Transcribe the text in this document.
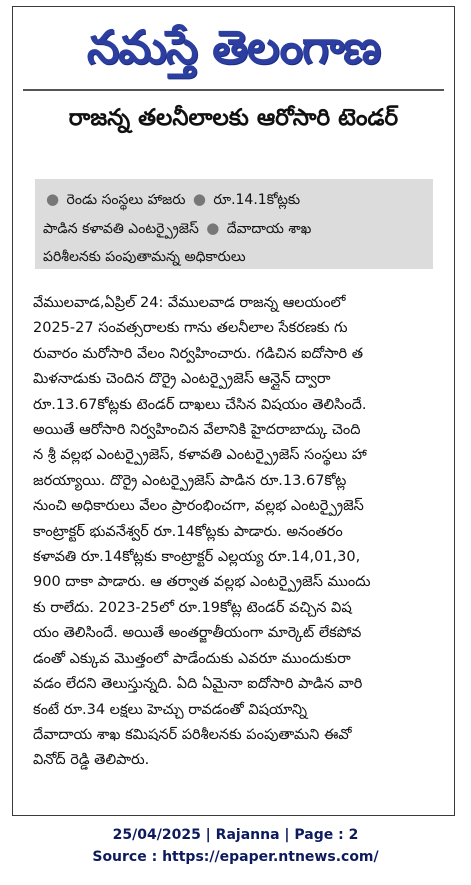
నమస్తే తెలంగాణ
రాజన్న తలనీలాలకు ఆరోసారి టెండర్
● రెండు సంస్థలు హాజరు ● రూ.14.1కోట్లకు
పాడిన కళావతి ఎంటర్ప్రైజెస్ ● దేవాదాయ శాఖ
పరిశీలనకు పంపుతామన్న అధికారులు
వేములవాడ,ఏప్రిల్ 24: వేములవాడ రాజన్న ఆలయంలో
2025-27 సంవత్సరాలకు గాను తలనీలాల సేకరణకు గు
రువారం మరోసారి వేలం నిర్వహించారు. గడిచిన ఐదోసారి త
మిళనాడుకు చెందిన దొర్రై ఎంటర్ప్రైజెస్ ఆన్లైన్ ద్వారా
రూ.13.67కోట్లకు టెండర్ దాఖలు చేసిన విషయం తెలిసిందే.
అయితే ఆరోసారి నిర్వహించిన వేలానికి హైదరాబాద్కు చెంది
న శ్రీ వల్లభ ఎంటర్ప్రైజెస్, కళావతి ఎంటర్ప్రైజెస్ సంస్థలు హా
జరయ్యాయి. దొర్రై ఎంటర్ప్రైజెస్ పాడిన రూ.13.67కోట్ల
నుంచి అధికారులు వేలం ప్రారంభించగా, వల్లభ ఎంటర్ప్రైజెస్
కాంట్రాక్టర్ భువనేశ్వర్ రూ.14కోట్లకు పాడారు. అనంతరం
కళావతి రూ.14కోట్లకు కాంట్రాక్టర్ ఎల్లయ్య రూ.14,01,30,
900 దాకా పాడారు. ఆ తర్వాత వల్లభ ఎంటర్ప్రైజెస్ ముందు
కు రాలేదు. 2023-25లో రూ.19కోట్ల టెండర్ వచ్చిన విష
యం తెలిసిందే. అయితే అంతర్జాతీయంగా మార్కెట్ లేకపోవ
డంతో ఎక్కువ మొత్తంలో పాడేందుకు ఎవరూ ముందుకురా
వడం లేదని తెలుస్తున్నది. ఏది ఏమైనా ఐదోసారి పాడిన వారి
కంటే రూ.34 లక్షలు హెచ్చు రావడంతో విషయాన్ని
దేవాదాయ శాఖ కమిషనర్ పరిశీలనకు పంపుతామని ఈవో
వినోద్ రెడ్డి తెలిపారు.
25/04/2025 | Rajanna | Page : 2
Source : https://epaper.ntnews.com/
